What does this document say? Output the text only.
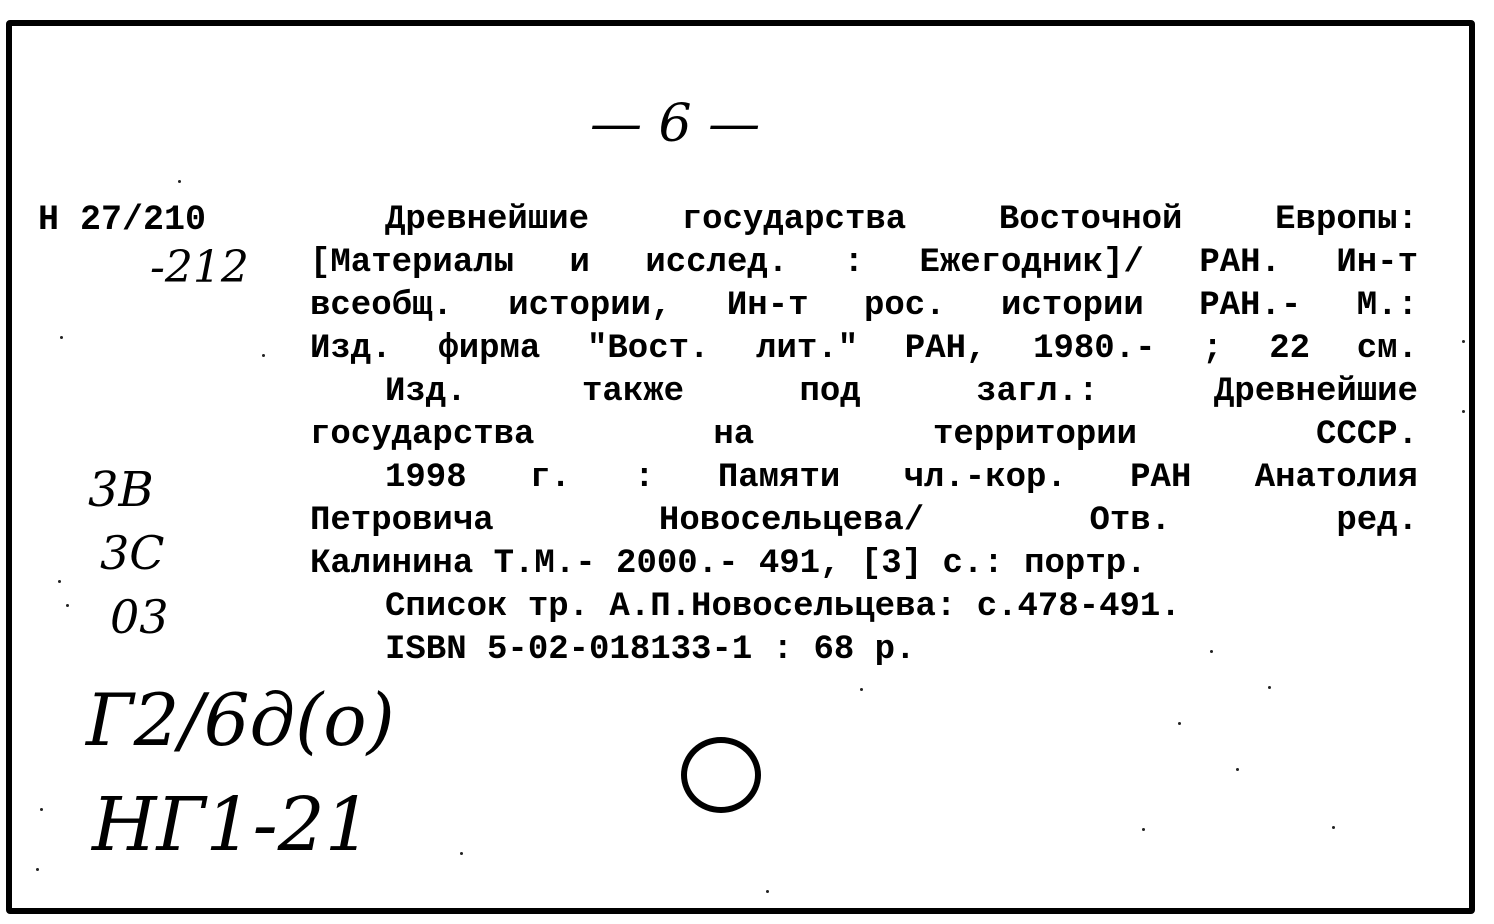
— 6 —
Н 27/210
-212
3B
3C
03
Г2/6д(о)
НГ1-21
Древнейшие	государства	Восточной	Европы:
[Материалы и исслед. : Ежегодник]/ РАН. Ин-т
всеобщ. истории, Ин-т рос. истории РАН.- М.:
Изд. фирма "Вост. лит." РАН, 1980.- ; 22 см.
Изд.	также	под	загл.:	Древнейшие
государства	на	территории	СССР.
1998 г. : Памяти чл.-кор. РАН Анатолия
Петровича	Новосельцева/	Отв.	ред.
Калинина Т.М.- 2000.- 491, [3] с.: портр.
Список тр. А.П.Новосельцева: с.478-491.
ISBN 5-02-018133-1 : 68 р.
